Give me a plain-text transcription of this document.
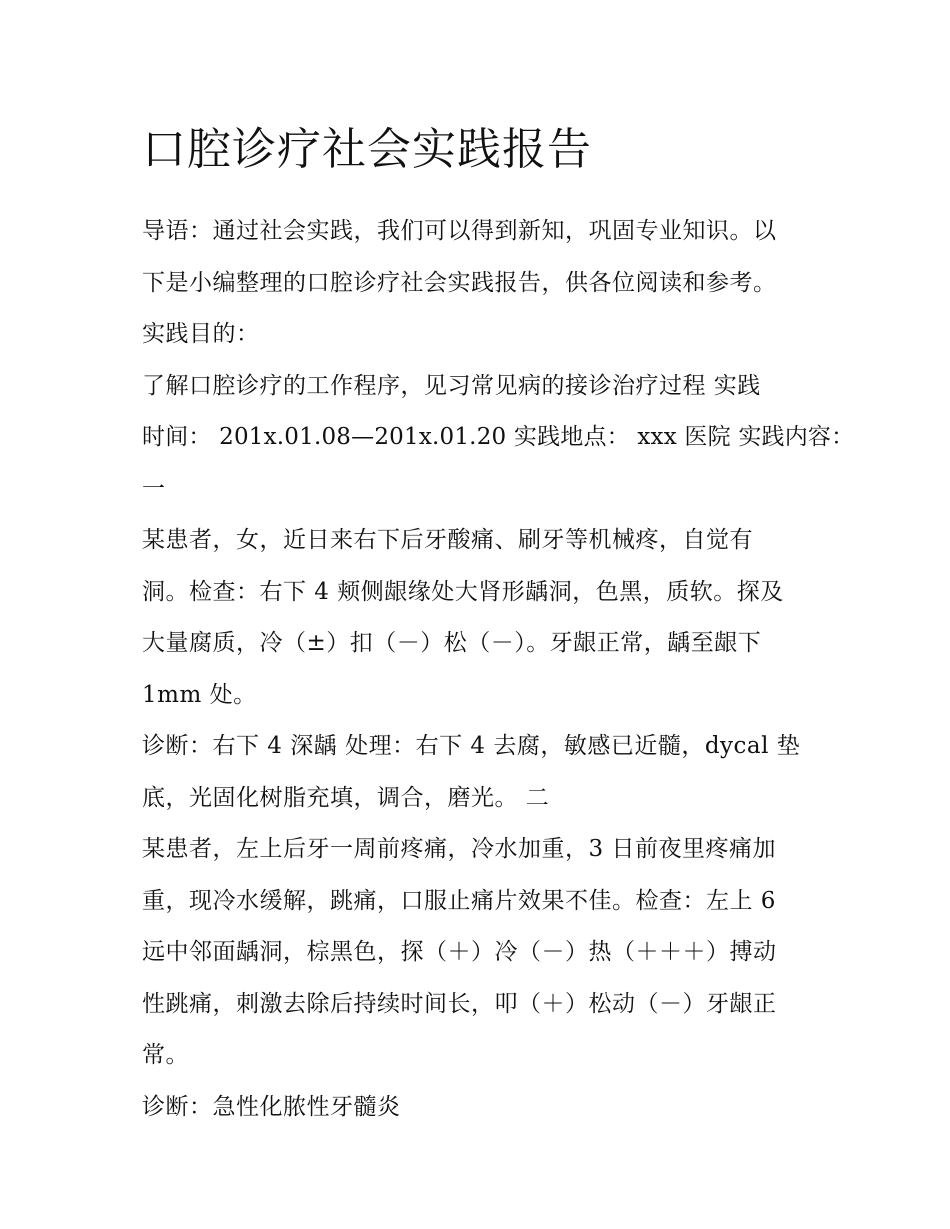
口腔诊疗社会实践报告

导语：通过社会实践，我们可以得到新知，巩固专业知识。以

下是小编整理的口腔诊疗社会实践报告，供各位阅读和参考。

实践目的：

了解口腔诊疗的工作程序，见习常见病的接诊治疗过程 实践

时间： 201x.01.08—201x.01.20 实践地点： xxx 医院 实践内容：

一

某患者，女，近日来右下后牙酸痛、刷牙等机械疼，自觉有

洞。检查：右下 4 颊侧龈缘处大肾形龋洞，色黑，质软。探及

大量腐质，冷（±）扣（－）松（－）。牙龈正常，龋至龈下

1mm 处。

诊断：右下 4 深龋 处理：右下 4 去腐，敏感已近髓，dycal 垫

底，光固化树脂充填，调合，磨光。 二

某患者，左上后牙一周前疼痛，冷水加重，3 日前夜里疼痛加

重，现冷水缓解，跳痛，口服止痛片效果不佳。检查：左上 6

远中邻面龋洞，棕黑色，探（＋）冷（－）热（＋＋＋）搏动

性跳痛，刺激去除后持续时间长，叩（＋）松动（－）牙龈正

常。

诊断：急性化脓性牙髓炎
